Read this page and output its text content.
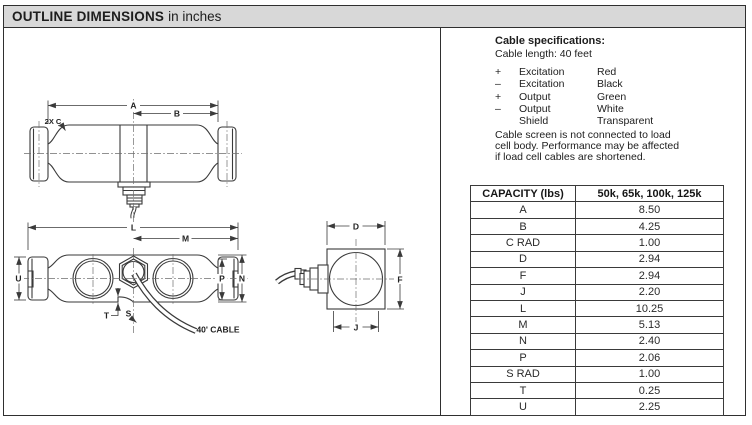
OUTLINE DIMENSIONS in inches
A
B
2X C
L
M
U	P N
T S
40' CABLE
D
F
J
Cable specifications:
Cable length: 40 feet
+	Excitation	Red
–	Excitation	Black
+	Output	Green
–	Output	White
Shield	Transparent
Cable screen is not connected to load
cell body. Performance may be affected
if load cell cables are shortened.
CAPACITY (lbs)	50k, 65k, 100k, 125k
A	8.50
B	4.25
C RAD	1.00
D	2.94
F	2.94
J	2.20
L	10.25
M	5.13
N	2.40
P	2.06
S RAD	1.00
T	0.25
U	2.25
